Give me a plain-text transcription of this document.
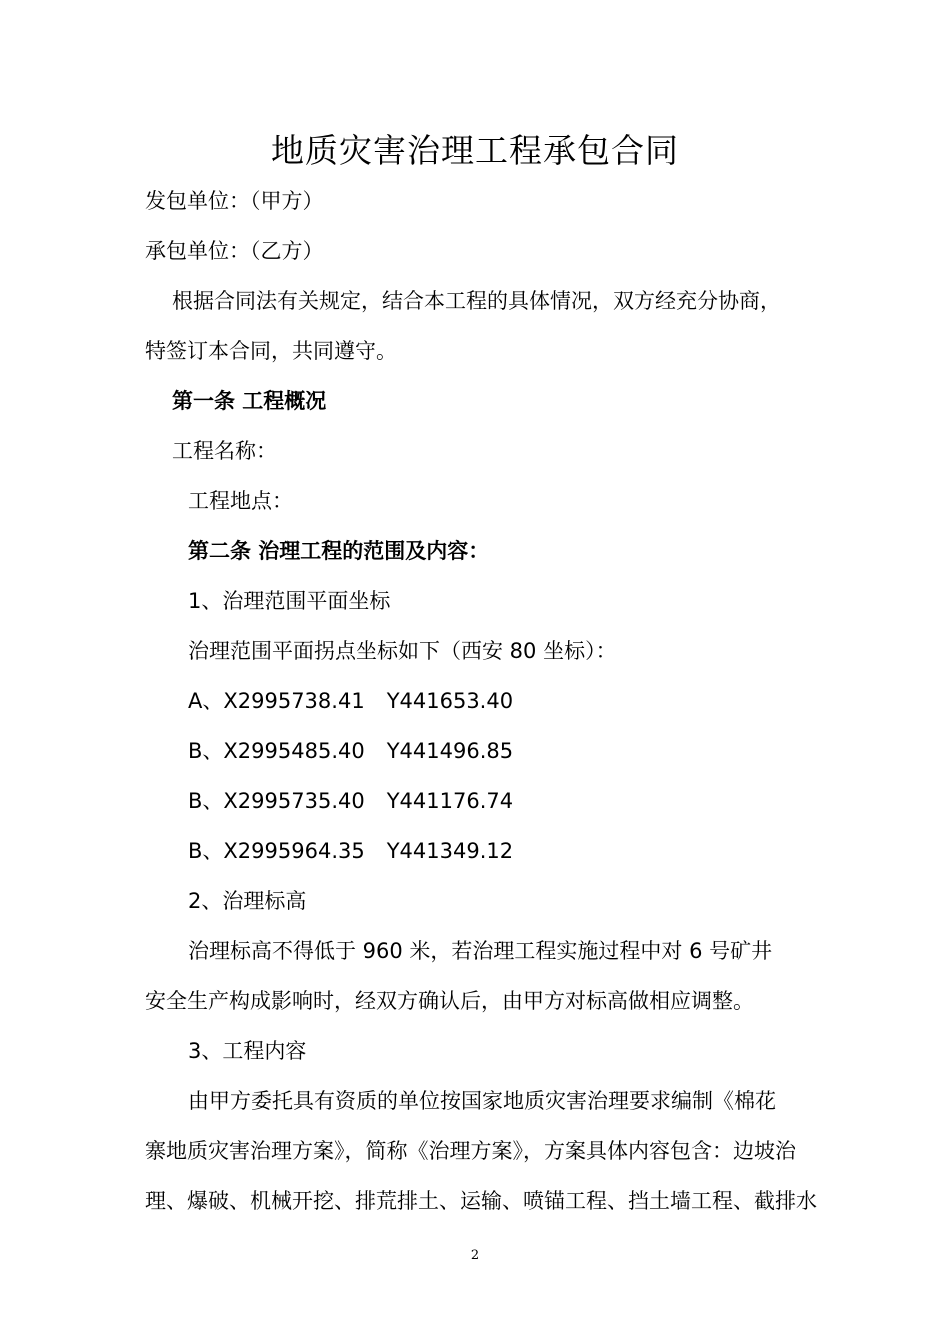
地质灾害治理工程承包合同
发包单位：（甲方）
承包单位：（乙方）
根据合同法有关规定，结合本工程的具体情况，双方经充分协商，
特签订本合同，共同遵守。
第一条 工程概况
工程名称：
工程地点：
第二条 治理工程的范围及内容：
1、治理范围平面坐标
治理范围平面拐点坐标如下（西安 80 坐标）：
A、X2995738.41 Y441653.40
B、X2995485.40 Y441496.85
B、X2995735.40 Y441176.74
B、X2995964.35 Y441349.12
2、治理标高
治理标高不得低于 960 米，若治理工程实施过程中对 6 号矿井
安全生产构成影响时，经双方确认后，由甲方对标高做相应调整。
3、工程内容
由甲方委托具有资质的单位按国家地质灾害治理要求编制《棉花
寨地质灾害治理方案》，简称《治理方案》，方案具体内容包含：边坡治
理、爆破、机械开挖、排荒排土、运输、喷锚工程、挡土墙工程、截排水
2
